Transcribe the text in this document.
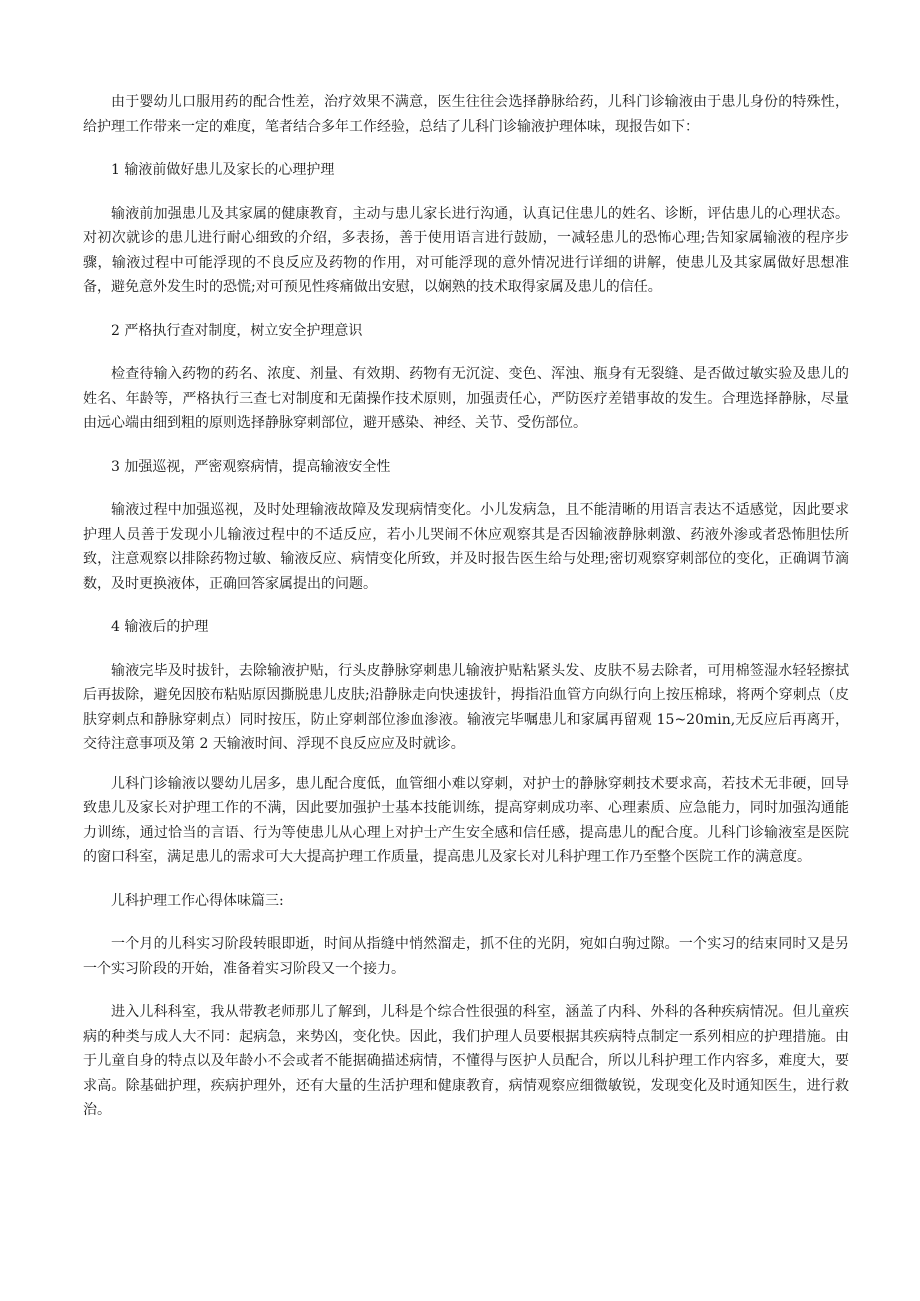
由于婴幼儿口服用药的配合性差，治疗效果不满意，医生往往会选择静脉给药，儿科门诊输液由于患儿身份的特殊性，给护理工作带来一定的难度，笔者结合多年工作经验，总结了儿科门诊输液护理体味，现报告如下：

1 输液前做好患儿及家长的心理护理

输液前加强患儿及其家属的健康教育，主动与患儿家长进行沟通，认真记住患儿的姓名、诊断，评估患儿的心理状态。对初次就诊的患儿进行耐心细致的介绍，多表扬，善于使用语言进行鼓励，一减轻患儿的恐怖心理;告知家属输液的程序步骤，输液过程中可能浮现的不良反应及药物的作用，对可能浮现的意外情况进行详细的讲解，使患儿及其家属做好思想准备，避免意外发生时的恐慌;对可预见性疼痛做出安慰，以娴熟的技术取得家属及患儿的信任。

2 严格执行查对制度，树立安全护理意识

检查待输入药物的药名、浓度、剂量、有效期、药物有无沉淀、变色、浑浊、瓶身有无裂缝、是否做过敏实验及患儿的姓名、年龄等，严格执行三查七对制度和无菌操作技术原则，加强责任心，严防医疗差错事故的发生。合理选择静脉，尽量由远心端由细到粗的原则选择静脉穿刺部位，避开感染、神经、关节、受伤部位。

3 加强巡视，严密观察病情，提高输液安全性

输液过程中加强巡视，及时处理输液故障及发现病情变化。小儿发病急，且不能清晰的用语言表达不适感觉，因此要求护理人员善于发现小儿输液过程中的不适反应，若小儿哭闹不休应观察其是否因输液静脉刺激、药液外渗或者恐怖胆怯所致，注意观察以排除药物过敏、输液反应、病情变化所致，并及时报告医生给与处理;密切观察穿刺部位的变化，正确调节滴数，及时更换液体，正确回答家属提出的问题。

4 输液后的护理

输液完毕及时拔针，去除输液护贴，行头皮静脉穿刺患儿输液护贴粘紧头发、皮肤不易去除者，可用棉签湿水轻轻擦拭后再拔除，避免因胶布粘贴原因撕脱患儿皮肤;沿静脉走向快速拔针，拇指沿血管方向纵行向上按压棉球，将两个穿刺点（皮肤穿刺点和静脉穿刺点）同时按压，防止穿刺部位渗血渗液。输液完毕嘱患儿和家属再留观 15~20min,无反应后再离开，交待注意事项及第 2 天输液时间、浮现不良反应应及时就诊。

儿科门诊输液以婴幼儿居多，患儿配合度低，血管细小难以穿刺，对护士的静脉穿刺技术要求高，若技术无非硬，回导致患儿及家长对护理工作的不满，因此要加强护士基本技能训练，提高穿刺成功率、心理素质、应急能力，同时加强沟通能力训练，通过恰当的言语、行为等使患儿从心理上对护士产生安全感和信任感，提高患儿的配合度。儿科门诊输液室是医院的窗口科室，满足患儿的需求可大大提高护理工作质量，提高患儿及家长对儿科护理工作乃至整个医院工作的满意度。

儿科护理工作心得体味篇三:

一个月的儿科实习阶段转眼即逝，时间从指缝中悄然溜走，抓不住的光阴，宛如白驹过隙。一个实习的结束同时又是另一个实习阶段的开始，准备着实习阶段又一个接力。

进入儿科科室，我从带教老师那儿了解到，儿科是个综合性很强的科室，涵盖了内科、外科的各种疾病情况。但儿童疾病的种类与成人大不同：起病急，来势凶，变化快。因此，我们护理人员要根据其疾病特点制定一系列相应的护理措施。由于儿童自身的特点以及年龄小不会或者不能据确描述病情，不懂得与医护人员配合，所以儿科护理工作内容多，难度大，要求高。除基础护理，疾病护理外，还有大量的生活护理和健康教育，病情观察应细微敏锐，发现变化及时通知医生，进行救治。
